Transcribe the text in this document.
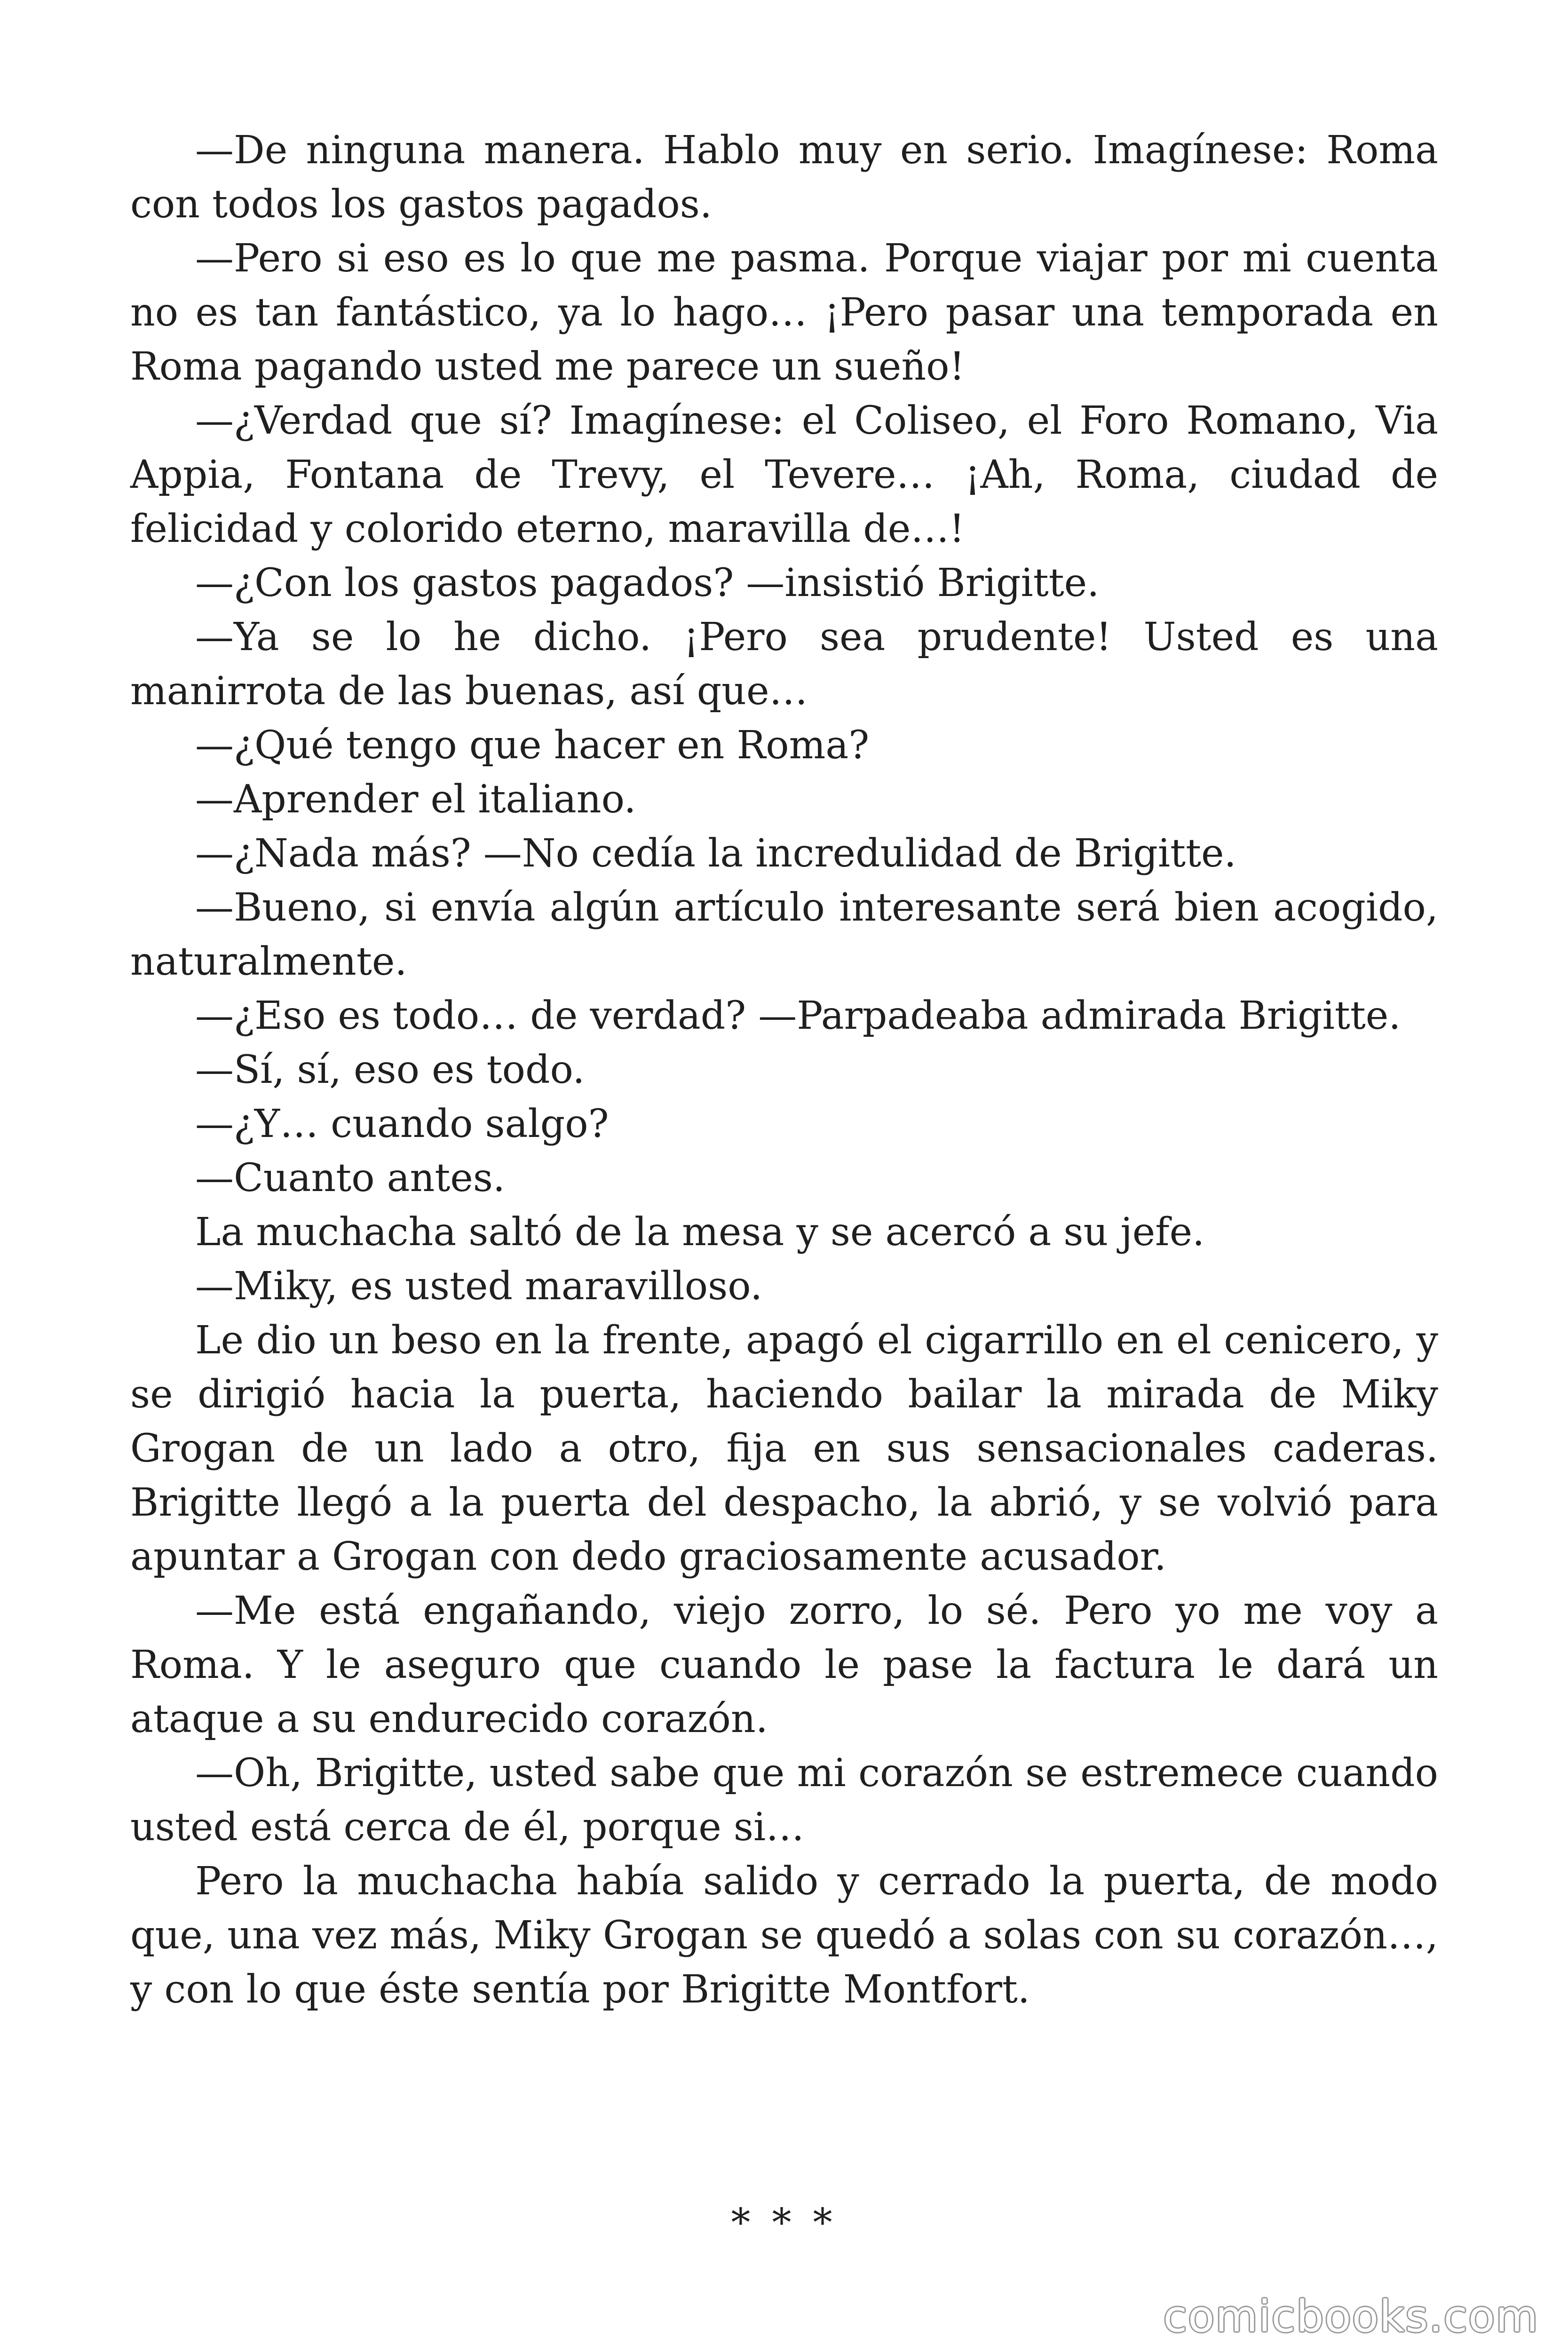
—De ninguna manera. Hablo muy en serio. Imagínese: Roma con todos los gastos pagados.

—Pero si eso es lo que me pasma. Porque viajar por mi cuenta no es tan fantástico, ya lo hago… ¡Pero pasar una temporada en Roma pagando usted me parece un sueño!

—¿Verdad que sí? Imagínese: el Coliseo, el Foro Romano, Via Appia, Fontana de Trevy, el Tevere… ¡Ah, Roma, ciudad de felicidad y colorido eterno, maravilla de…!

—¿Con los gastos pagados? —insistió Brigitte.

—Ya se lo he dicho. ¡Pero sea prudente! Usted es una manirrota de las buenas, así que…

—¿Qué tengo que hacer en Roma?

—Aprender el italiano.

—¿Nada más? —No cedía la incredulidad de Brigitte.

—Bueno, si envía algún artículo interesante será bien acogido, naturalmente.

—¿Eso es todo… de verdad? —Parpadeaba admirada Brigitte.

—Sí, sí, eso es todo.

—¿Y… cuando salgo?

—Cuanto antes.

La muchacha saltó de la mesa y se acercó a su jefe.

—Miky, es usted maravilloso.

Le dio un beso en la frente, apagó el cigarrillo en el cenicero, y se dirigió hacia la puerta, haciendo bailar la mirada de Miky Grogan de un lado a otro, fija en sus sensacionales caderas. Brigitte llegó a la puerta del despacho, la abrió, y se volvió para apuntar a Grogan con dedo graciosamente acusador.

—Me está engañando, viejo zorro, lo sé. Pero yo me voy a Roma. Y le aseguro que cuando le pase la factura le dará un ataque a su endurecido corazón.

—Oh, Brigitte, usted sabe que mi corazón se estremece cuando usted está cerca de él, porque si…

Pero la muchacha había salido y cerrado la puerta, de modo que, una vez más, Miky Grogan se quedó a solas con su corazón…, y con lo que éste sentía por Brigitte Montfort.

* * *
comicbooks.com
